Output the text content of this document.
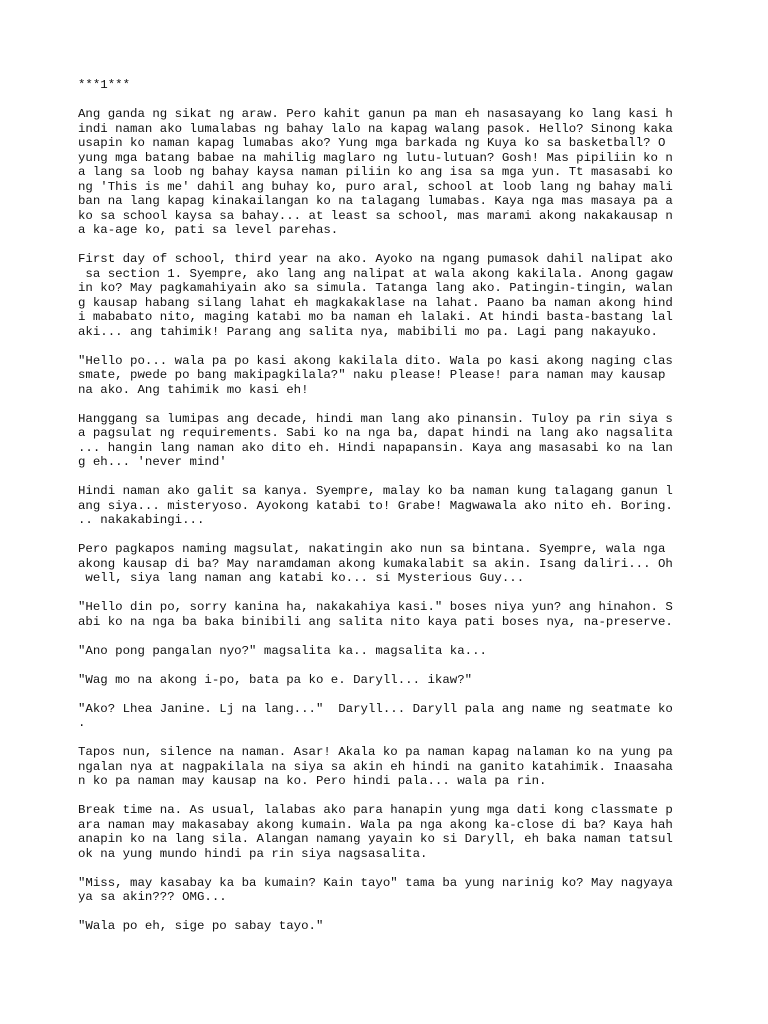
***1***
Ang ganda ng sikat ng araw. Pero kahit ganun pa man eh nasasayang ko lang kasi h
indi naman ako lumalabas ng bahay lalo na kapag walang pasok. Hello? Sinong kaka
usapin ko naman kapag lumabas ako? Yung mga barkada ng Kuya ko sa basketball? O
yung mga batang babae na mahilig maglaro ng lutu-lutuan? Gosh! Mas pipiliin ko n
a lang sa loob ng bahay kaysa naman piliin ko ang isa sa mga yun. Tt masasabi ko
ng 'This is me' dahil ang buhay ko, puro aral, school at loob lang ng bahay mali
ban na lang kapag kinakailangan ko na talagang lumabas. Kaya nga mas masaya pa a
ko sa school kaysa sa bahay... at least sa school, mas marami akong nakakausap n
a ka-age ko, pati sa level parehas.
First day of school, third year na ako. Ayoko na ngang pumasok dahil nalipat ako
sa section 1. Syempre, ako lang ang nalipat at wala akong kakilala. Anong gagaw
in ko? May pagkamahiyain ako sa simula. Tatanga lang ako. Patingin-tingin, walan
g kausap habang silang lahat eh magkakaklase na lahat. Paano ba naman akong hind
i mababato nito, maging katabi mo ba naman eh lalaki. At hindi basta-bastang lal
aki... ang tahimik! Parang ang salita nya, mabibili mo pa. Lagi pang nakayuko.
"Hello po... wala pa po kasi akong kakilala dito. Wala po kasi akong naging clas
smate, pwede po bang makipagkilala?" naku please! Please! para naman may kausap
na ako. Ang tahimik mo kasi eh!
Hanggang sa lumipas ang decade, hindi man lang ako pinansin. Tuloy pa rin siya s
a pagsulat ng requirements. Sabi ko na nga ba, dapat hindi na lang ako nagsalita
... hangin lang naman ako dito eh. Hindi napapansin. Kaya ang masasabi ko na lan
g eh... 'never mind'
Hindi naman ako galit sa kanya. Syempre, malay ko ba naman kung talagang ganun l
ang siya... misteryoso. Ayokong katabi to! Grabe! Magwawala ako nito eh. Boring.
.. nakakabingi...
Pero pagkapos naming magsulat, nakatingin ako nun sa bintana. Syempre, wala nga
akong kausap di ba? May naramdaman akong kumakalabit sa akin. Isang daliri... Oh
well, siya lang naman ang katabi ko... si Mysterious Guy...
"Hello din po, sorry kanina ha, nakakahiya kasi." boses niya yun? ang hinahon. S
abi ko na nga ba baka binibili ang salita nito kaya pati boses nya, na-preserve.
"Ano pong pangalan nyo?" magsalita ka.. magsalita ka...
"Wag mo na akong i-po, bata pa ko e. Daryll... ikaw?"
"Ako? Lhea Janine. Lj na lang..."  Daryll... Daryll pala ang name ng seatmate ko
.
Tapos nun, silence na naman. Asar! Akala ko pa naman kapag nalaman ko na yung pa
ngalan nya at nagpakilala na siya sa akin eh hindi na ganito katahimik. Inaasaha
n ko pa naman may kausap na ko. Pero hindi pala... wala pa rin.
Break time na. As usual, lalabas ako para hanapin yung mga dati kong classmate p
ara naman may makasabay akong kumain. Wala pa nga akong ka-close di ba? Kaya hah
anapin ko na lang sila. Alangan namang yayain ko si Daryll, eh baka naman tatsul
ok na yung mundo hindi pa rin siya nagsasalita.
"Miss, may kasabay ka ba kumain? Kain tayo" tama ba yung narinig ko? May nagyaya
ya sa akin??? OMG...
"Wala po eh, sige po sabay tayo."
